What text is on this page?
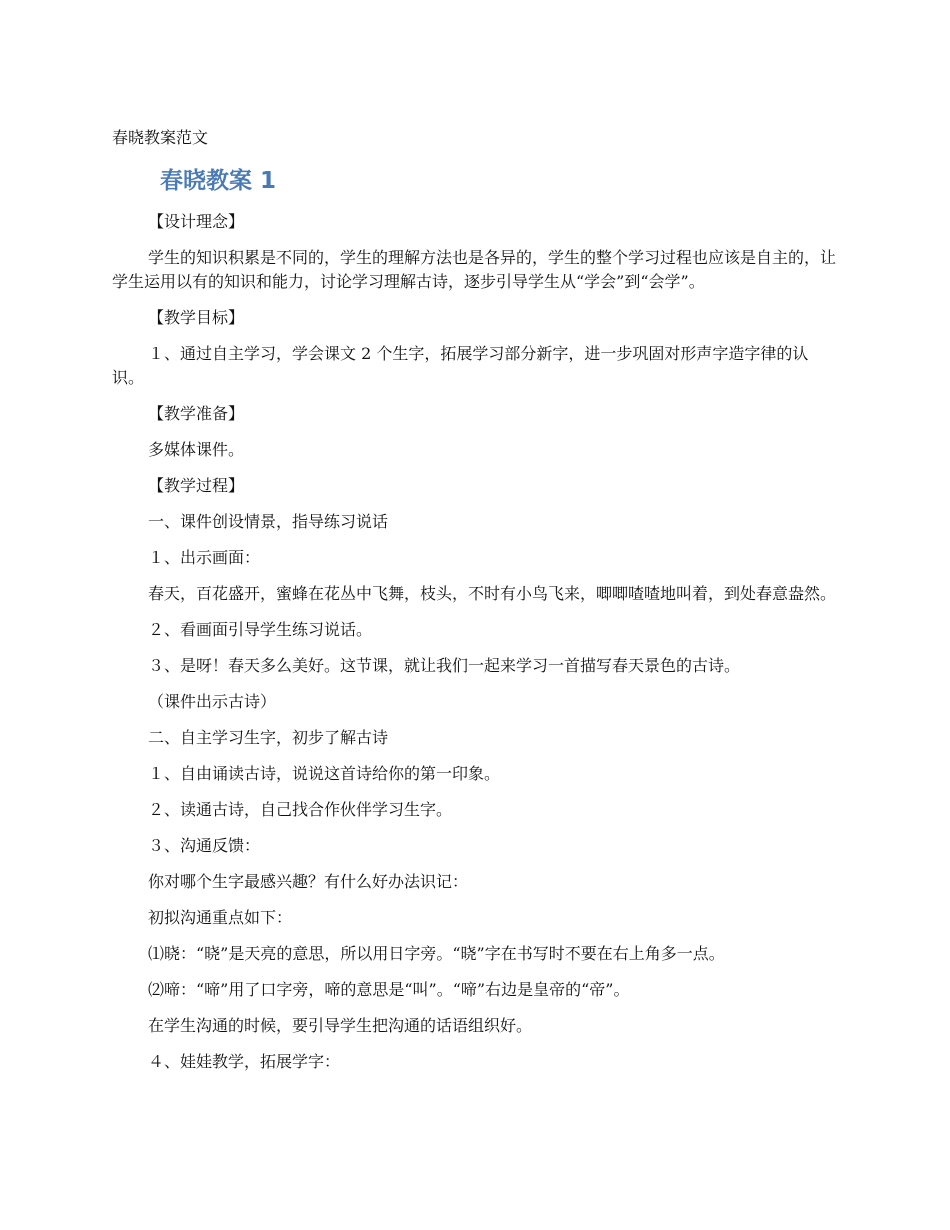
春晓教案范文

春晓教案 1

【设计理念】

学生的知识积累是不同的，学生的理解方法也是各异的，学生的整个学习过程也应该是自主的，让学生运用以有的知识和能力，讨论学习理解古诗，逐步引导学生从“学会”到“会学”。

【教学目标】

１、通过自主学习，学会课文 2 个生字，拓展学习部分新字，进一步巩固对形声字造字律的认识。

【教学准备】

多媒体课件。

【教学过程】

一、课件创设情景，指导练习说话

１、出示画面：

春天，百花盛开，蜜蜂在花丛中飞舞，枝头，不时有小鸟飞来，唧唧喳喳地叫着，到处春意盎然。

２、看画面引导学生练习说话。

３、是呀！春天多么美好。这节课，就让我们一起来学习一首描写春天景色的古诗。

（课件出示古诗）

二、自主学习生字，初步了解古诗

１、自由诵读古诗，说说这首诗给你的第一印象。

２、读通古诗，自己找合作伙伴学习生字。

３、沟通反馈：

你对哪个生字最感兴趣？有什么好办法识记：

初拟沟通重点如下：

⑴晓：“晓”是天亮的意思，所以用日字旁。“晓”字在书写时不要在右上角多一点。

⑵啼：“啼”用了口字旁，啼的意思是“叫”。“啼”右边是皇帝的“帝”。

在学生沟通的时候，要引导学生把沟通的话语组织好。

４、娃娃教学，拓展学字：
